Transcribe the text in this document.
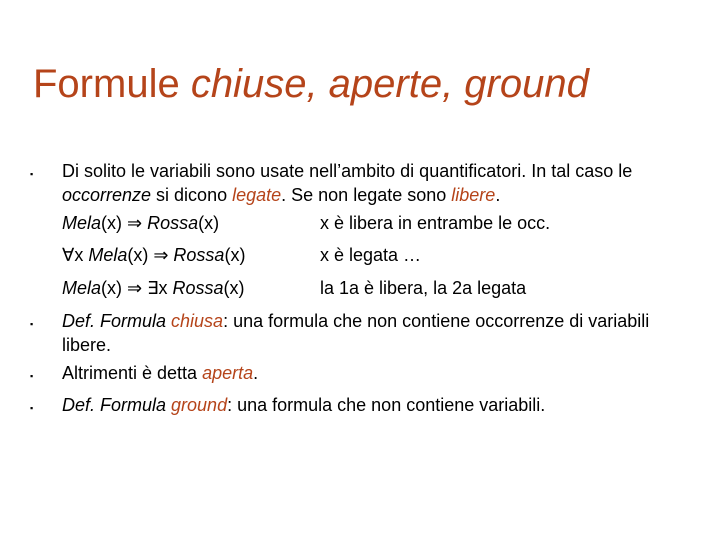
Formule chiuse, aperte, ground
▪ Di solito le variabili sono usate nell’ambito di quantificatori. In tal caso le occorrenze si dicono legate. Se non legate sono libere.
Mela(x) ⇒ Rossa(x)	x è libera in entrambe le occ.
∀x Mela(x) ⇒ Rossa(x)	x è legata …
Mela(x) ⇒ ∃x Rossa(x)	la 1a è libera, la 2a legata
▪ Def. Formula chiusa: una formula che non contiene occorrenze di variabili libere.
▪ Altrimenti è detta aperta.
▪ Def. Formula ground: una formula che non contiene variabili.
